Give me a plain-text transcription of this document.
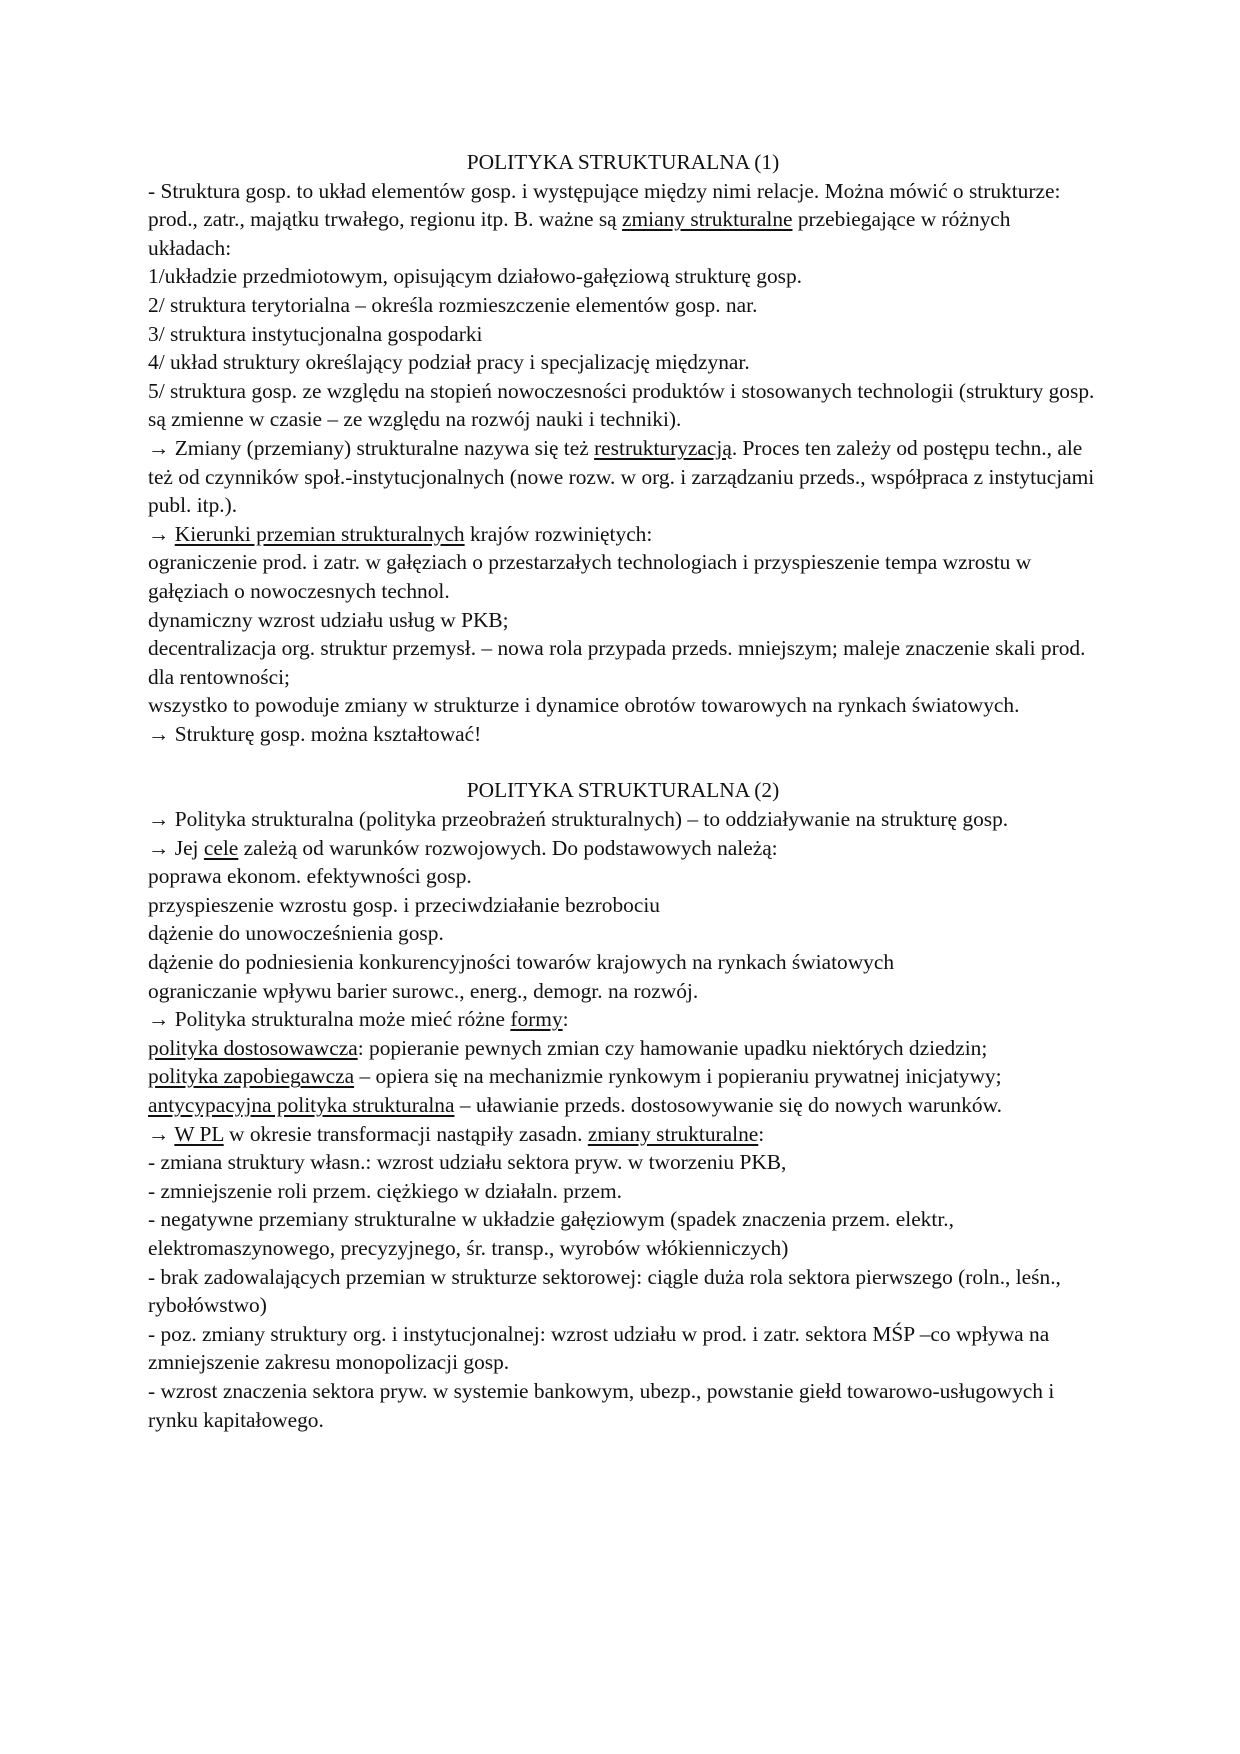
POLITYKA STRUKTURALNA (1)

- Struktura gosp. to układ elementów gosp. i występujące między nimi relacje. Można mówić o strukturze: prod., zatr., majątku trwałego, regionu itp. B. ważne są zmiany strukturalne przebiegające w różnych układach:

1/układzie przedmiotowym, opisującym działowo-gałęziową strukturę gosp.

2/ struktura terytorialna – określa rozmieszczenie elementów gosp. nar.

3/ struktura instytucjonalna gospodarki

4/ układ struktury określający podział pracy i specjalizację międzynar.

5/ struktura gosp. ze względu na stopień nowoczesności produktów i stosowanych technologii (struktury gosp. są zmienne w czasie – ze względu na rozwój nauki i techniki).

→ Zmiany (przemiany) strukturalne nazywa się też restrukturyzacją. Proces ten zależy od postępu techn., ale też od czynników społ.-instytucjonalnych (nowe rozw. w org. i zarządzaniu przeds., współpraca z instytucjami publ. itp.).

→ Kierunki przemian strukturalnych krajów rozwiniętych:

ograniczenie prod. i zatr. w gałęziach o przestarzałych technologiach i przyspieszenie tempa wzrostu w gałęziach o nowoczesnych technol.

dynamiczny wzrost udziału usług w PKB;

decentralizacja org. struktur przemysł. – nowa rola przypada przeds. mniejszym; maleje znaczenie skali prod. dla rentowności;

wszystko to powoduje zmiany w strukturze i dynamice obrotów towarowych na rynkach światowych.

→ Strukturę gosp. można kształtować!

POLITYKA STRUKTURALNA (2)

→ Polityka strukturalna (polityka przeobrażeń strukturalnych) – to oddziaływanie na strukturę gosp.

→ Jej cele zależą od warunków rozwojowych. Do podstawowych należą:

poprawa ekonom. efektywności gosp.

przyspieszenie wzrostu gosp. i przeciwdziałanie bezrobociu

dążenie do unowocześnienia gosp.

dążenie do podniesienia konkurencyjności towarów krajowych na rynkach światowych

ograniczanie wpływu barier surowc., energ., demogr. na rozwój.

→ Polityka strukturalna może mieć różne formy:

polityka dostosowawcza: popieranie pewnych zmian czy hamowanie upadku niektórych dziedzin;

polityka zapobiegawcza – opiera się na mechanizmie rynkowym i popieraniu prywatnej inicjatywy;

antycypacyjna polityka strukturalna – uławianie przeds. dostosowywanie się do nowych warunków.

→ W PL w okresie transformacji nastąpiły zasadn. zmiany strukturalne:

- zmiana struktury własn.: wzrost udziału sektora pryw. w tworzeniu PKB,

- zmniejszenie roli przem. ciężkiego w działaln. przem.

- negatywne przemiany strukturalne w układzie gałęziowym (spadek znaczenia przem. elektr., elektromaszynowego, precyzyjnego, śr. transp., wyrobów włókienniczych)

- brak zadowalających przemian w strukturze sektorowej: ciągle duża rola sektora pierwszego (roln., leśn., rybołówstwo)

- poz. zmiany struktury org. i instytucjonalnej: wzrost udziału w prod. i zatr. sektora MŚP –co wpływa na zmniejszenie zakresu monopolizacji gosp.

- wzrost znaczenia sektora pryw. w systemie bankowym, ubezp., powstanie giełd towarowo-usługowych i rynku kapitałowego.
